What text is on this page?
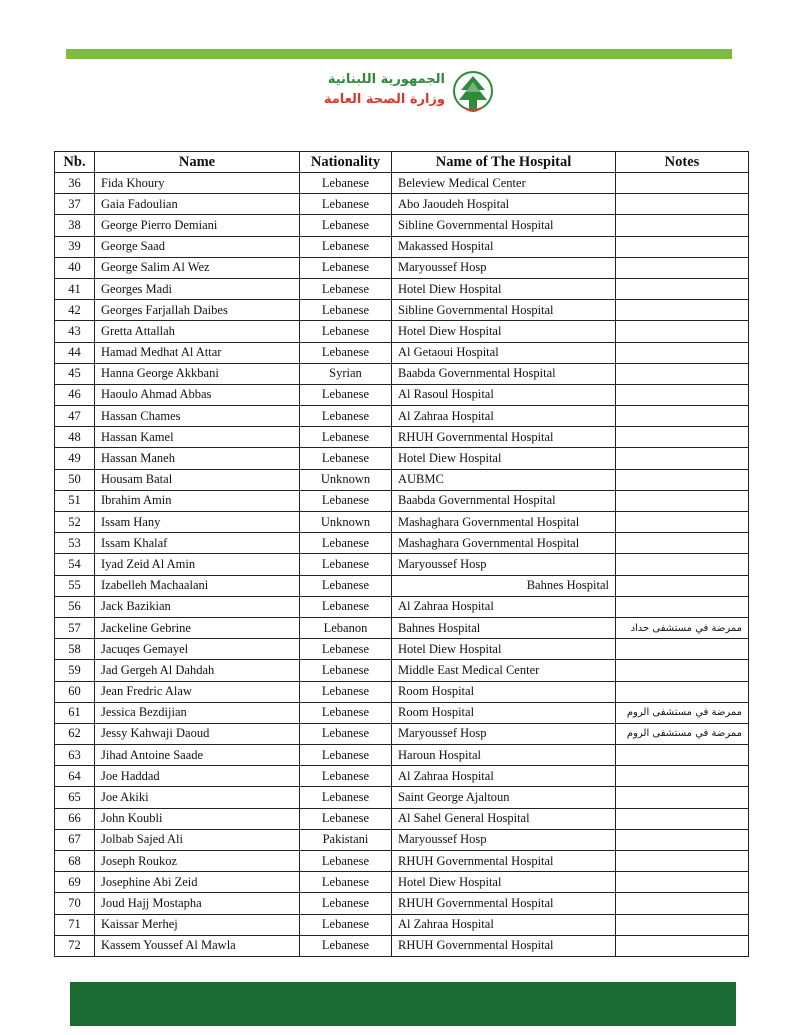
الجمهورية اللبنانية
وزارة الصحة العامة
Nb.	Name	Nationality	Name of The Hospital	Notes
36	Fida Khoury	Lebanese	Beleview Medical Center	
37	Gaia Fadoulian	Lebanese	Abo Jaoudeh Hospital	
38	George Pierro Demiani	Lebanese	Sibline Governmental Hospital	
39	George Saad	Lebanese	Makassed Hospital	
40	George Salim Al Wez	Lebanese	Maryoussef Hosp	
41	Georges Madi	Lebanese	Hotel Diew Hospital	
42	Georges Farjallah Daibes	Lebanese	Sibline Governmental Hospital	
43	Gretta Attallah	Lebanese	Hotel Diew Hospital	
44	Hamad Medhat Al Attar	Lebanese	Al Getaoui Hospital	
45	Hanna George Akkbani	Syrian	Baabda Governmental Hospital	
46	Haoulo Ahmad Abbas	Lebanese	Al Rasoul Hospital	
47	Hassan Chames	Lebanese	Al Zahraa Hospital	
48	Hassan Kamel	Lebanese	RHUH Governmental Hospital	
49	Hassan Maneh	Lebanese	Hotel Diew Hospital	
50	Housam Batal	Unknown	AUBMC	
51	Ibrahim Amin	Lebanese	Baabda Governmental Hospital	
52	Issam Hany	Unknown	Mashaghara Governmental Hospital	
53	Issam Khalaf	Lebanese	Mashaghara Governmental Hospital	
54	Iyad Zeid Al Amin	Lebanese	Maryoussef Hosp	
55	Izabelleh Machaalani	Lebanese	Bahnes Hospital	
56	Jack Bazikian	Lebanese	Al Zahraa Hospital	
57	Jackeline Gebrine	Lebanon	Bahnes Hospital	ممرضة في مستشفى حداد
58	Jacuqes Gemayel	Lebanese	Hotel Diew Hospital	
59	Jad Gergeh Al Dahdah	Lebanese	Middle East Medical Center	
60	Jean Fredric Alaw	Lebanese	Room Hospital	
61	Jessica Bezdijian	Lebanese	Room Hospital	ممرضة في مستشفى الروم
62	Jessy Kahwaji Daoud	Lebanese	Maryoussef Hosp	ممرضة في مستشفى الروم
63	Jihad Antoine Saade	Lebanese	Haroun Hospital	
64	Joe Haddad	Lebanese	Al Zahraa Hospital	
65	Joe Akiki	Lebanese	Saint George Ajaltoun	
66	John Koubli	Lebanese	Al Sahel General Hospital	
67	Jolbab Sajed Ali	Pakistani	Maryoussef Hosp	
68	Joseph Roukoz	Lebanese	RHUH Governmental Hospital	
69	Josephine Abi Zeid	Lebanese	Hotel Diew Hospital	
70	Joud Hajj Mostapha	Lebanese	RHUH Governmental Hospital	
71	Kaissar Merhej	Lebanese	Al Zahraa Hospital	
72	Kassem Youssef Al Mawla	Lebanese	RHUH Governmental Hospital	
